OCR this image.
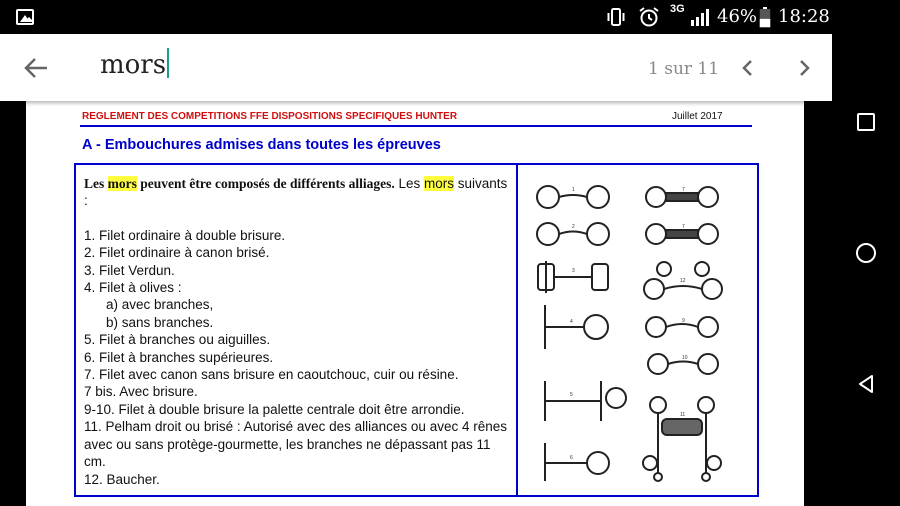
3G 46% 18:28
mors	1 sur 11
REGLEMENT DES COMPETITIONS FFE DISPOSITIONS SPECIFIQUES HUNTER	Juillet 2017
A - Embouchures admises dans toutes les épreuves
Les mors peuvent être composés de différents alliages. Les mors suivants :
1. Filet ordinaire à double brisure.
2. Filet ordinaire à canon brisé.
3. Filet Verdun.
4. Filet à olives :
a) avec branches,
b) sans branches.
5. Filet à branches ou aiguilles.
6. Filet à branches supérieures.
7. Filet avec canon sans brisure en caoutchouc, cuir ou résine.
7 bis. Avec brisure.
9-10. Filet à double brisure la palette centrale doit être arrondie.
11. Pelham droit ou brisé : Autorisé avec des alliances ou avec 4 rênes avec ou sans protège-gourmette, les branches ne dépassant pas 11 cm.
12. Baucher.
1
2
3
4
5
6
7
7
12
9
10
11
